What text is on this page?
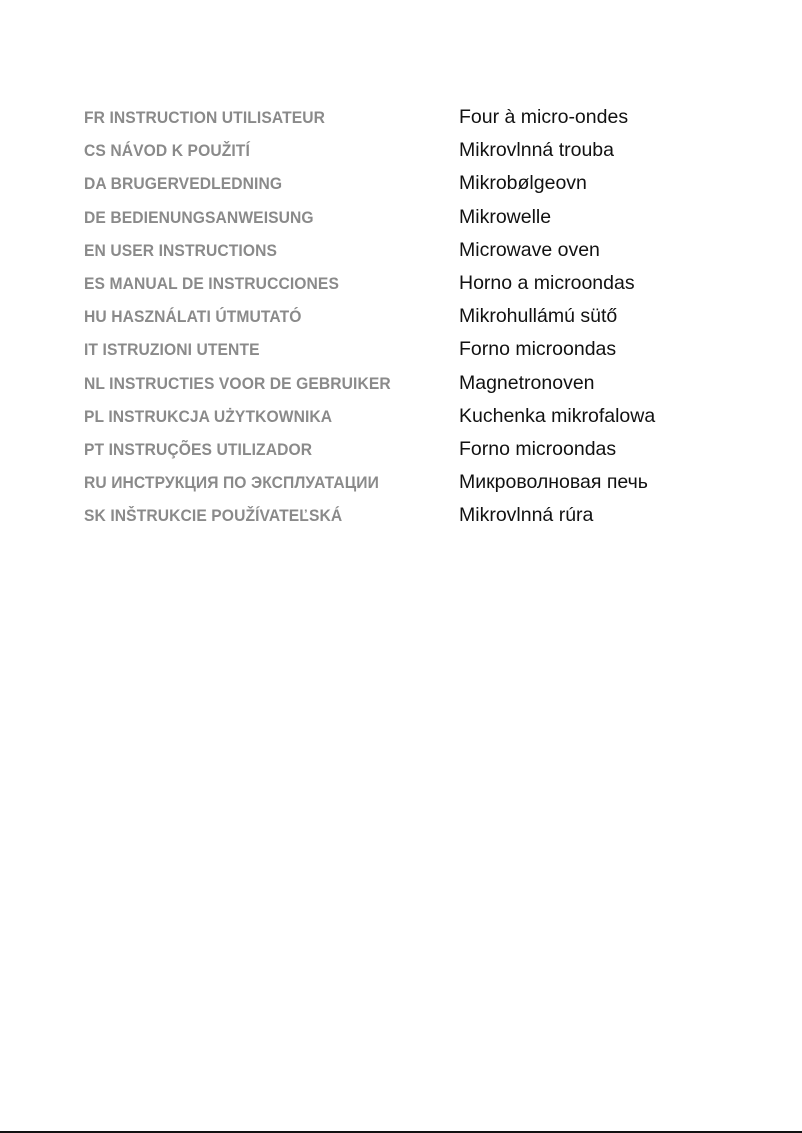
FR INSTRUCTION UTILISATEUR	Four à micro-ondes
CS NÁVOD K POUŽITÍ	Mikrovlnná trouba
DA BRUGERVEDLEDNING	Mikrobølgeovn
DE BEDIENUNGSANWEISUNG	Mikrowelle
EN USER INSTRUCTIONS	Microwave oven
ES MANUAL DE INSTRUCCIONES	Horno a microondas
HU HASZNÁLATI ÚTMUTATÓ	Mikrohullámú sütő
IT ISTRUZIONI UTENTE	Forno microondas
NL INSTRUCTIES VOOR DE GEBRUIKER	Magnetronoven
PL INSTRUKCJA UŻYTKOWNIKA	Kuchenka mikrofalowa
PT INSTRUÇÕES UTILIZADOR	Forno microondas
RU ИНСТРУКЦИЯ ПО ЭКСПЛУАТАЦИИ	Микроволновая печь
SK INŠTRUKCIE POUŽÍVATEĽSKÁ	Mikrovlnná rúra
